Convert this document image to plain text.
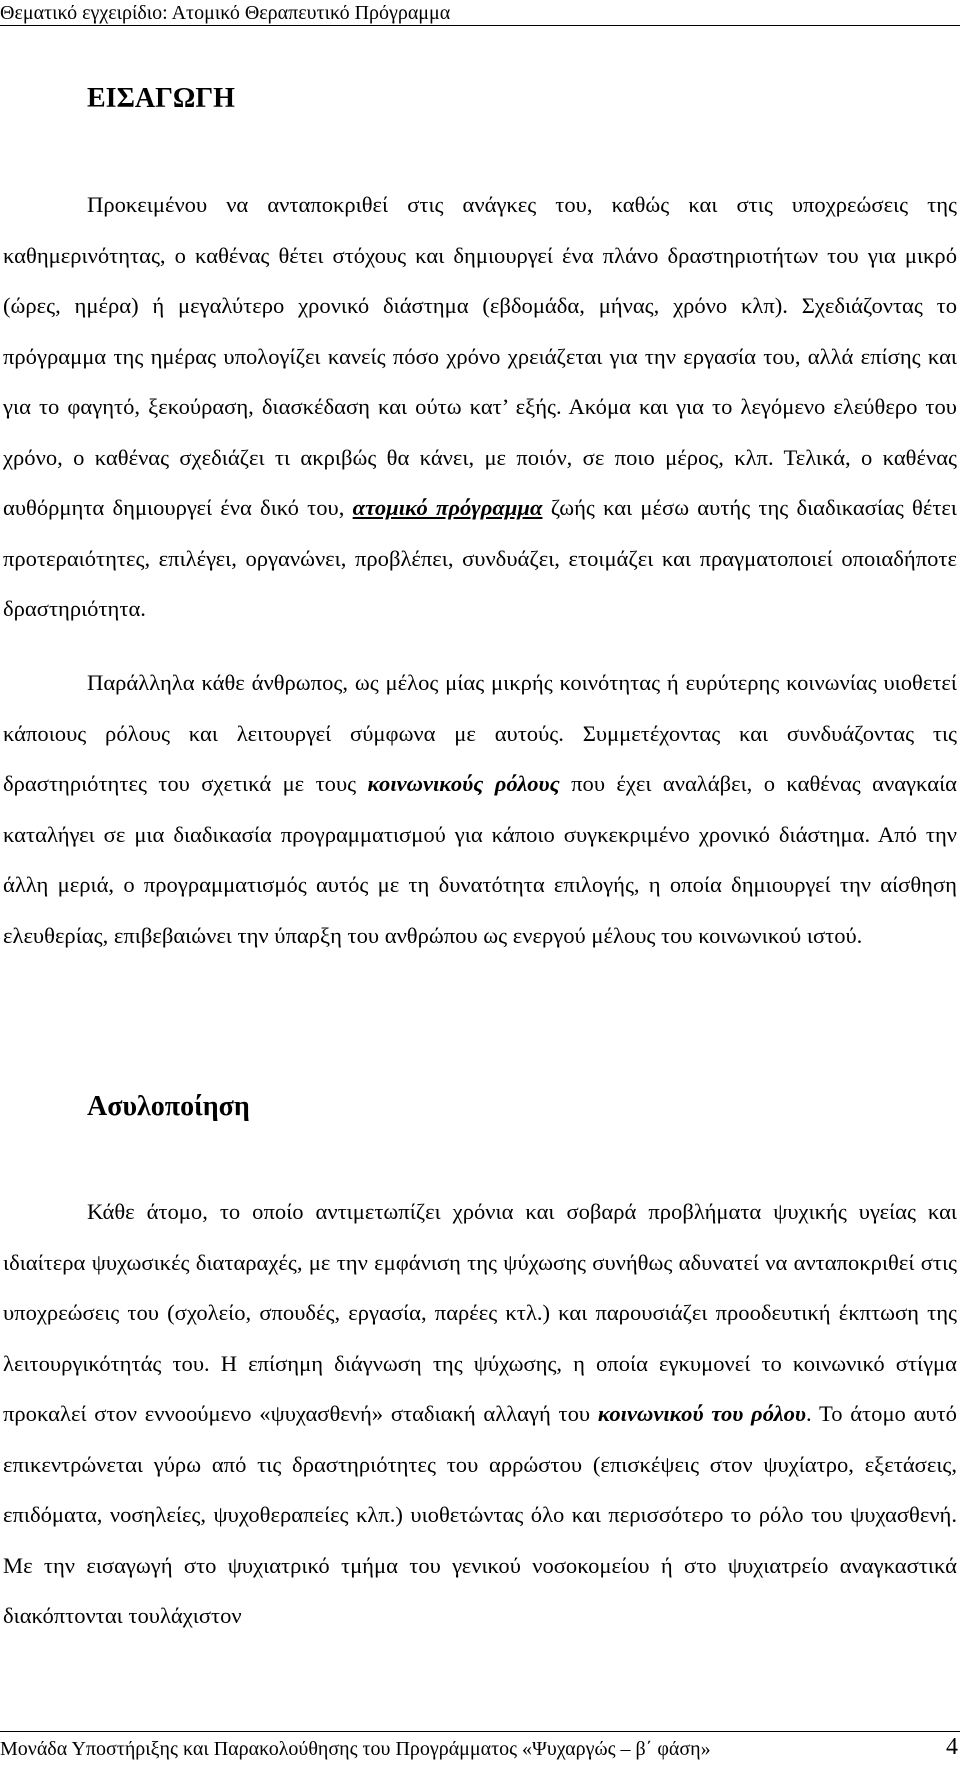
Θεματικό εγχειρίδιο: Ατομικό Θεραπευτικό Πρόγραμμα
ΕΙΣΑΓΩΓΗ

Προκειμένου να ανταποκριθεί στις ανάγκες του, καθώς και στις υποχρεώσεις της καθημερινότητας, ο καθένας θέτει στόχους και δημιουργεί ένα πλάνο δραστηριοτήτων του για μικρό (ώρες, ημέρα) ή μεγαλύτερο χρονικό διάστημα (εβδομάδα, μήνας, χρόνο κλπ). Σχεδιάζοντας το πρόγραμμα της ημέρας υπολογίζει κανείς πόσο χρόνο χρειάζεται για την εργασία του, αλλά επίσης και για το φαγητό, ξεκούραση, διασκέδαση και ούτω κατ’ εξής. Ακόμα και για το λεγόμενο ελεύθερο του χρόνο, ο καθένας σχεδιάζει τι ακριβώς θα κάνει, με ποιόν, σε ποιο μέρος, κλπ. Τελικά, ο καθένας αυθόρμητα δημιουργεί ένα δικό του, ατομικό πρόγραμμα ζωής και μέσω αυτής της διαδικασίας θέτει προτεραιότητες, επιλέγει, οργανώνει, προβλέπει, συνδυάζει, ετοιμάζει και πραγματοποιεί οποιαδήποτε δραστηριότητα.

Παράλληλα κάθε άνθρωπος, ως μέλος μίας μικρής κοινότητας ή ευρύτερης κοινωνίας υιοθετεί κάποιους ρόλους και λειτουργεί σύμφωνα με αυτούς. Συμμετέχοντας και συνδυάζοντας τις δραστηριότητες του σχετικά με τους κοινωνικούς ρόλους που έχει αναλάβει, ο καθένας αναγκαία καταλήγει σε μια διαδικασία προγραμματισμού για κάποιο συγκεκριμένο χρονικό διάστημα. Από την άλλη μεριά, ο προγραμματισμός αυτός με τη δυνατότητα επιλογής, η οποία δημιουργεί την αίσθηση ελευθερίας, επιβεβαιώνει την ύπαρξη του ανθρώπου ως ενεργού μέλους του κοινωνικού ιστού.

Ασυλοποίηση

Κάθε άτομο, το οποίο αντιμετωπίζει χρόνια και σοβαρά προβλήματα ψυχικής υγείας και ιδιαίτερα ψυχωσικές διαταραχές, με την εμφάνιση της ψύχωσης συνήθως αδυνατεί να ανταποκριθεί στις υποχρεώσεις του (σχολείο, σπουδές, εργασία, παρέες κτλ.) και παρουσιάζει προοδευτική έκπτωση της λειτουργικότητάς του. Η επίσημη διάγνωση της ψύχωσης, η οποία εγκυμονεί το κοινωνικό στίγμα προκαλεί στον εννοούμενο «ψυχασθενή» σταδιακή αλλαγή του κοινωνικού του ρόλου. Το άτομο αυτό επικεντρώνεται γύρω από τις δραστηριότητες του αρρώστου (επισκέψεις στον ψυχίατρο, εξετάσεις, επιδόματα, νοσηλείες, ψυχοθεραπείες κλπ.) υιοθετώντας όλο και περισσότερο το ρόλο του ψυχασθενή. Με την εισαγωγή στο ψυχιατρικό τμήμα του γενικού νοσοκομείου ή στο ψυχιατρείο αναγκαστικά διακόπτονται τουλάχιστον

Μονάδα Υποστήριξης και Παρακολούθησης του Προγράμματος «Ψυχαργώς – β΄ φάση»	4
